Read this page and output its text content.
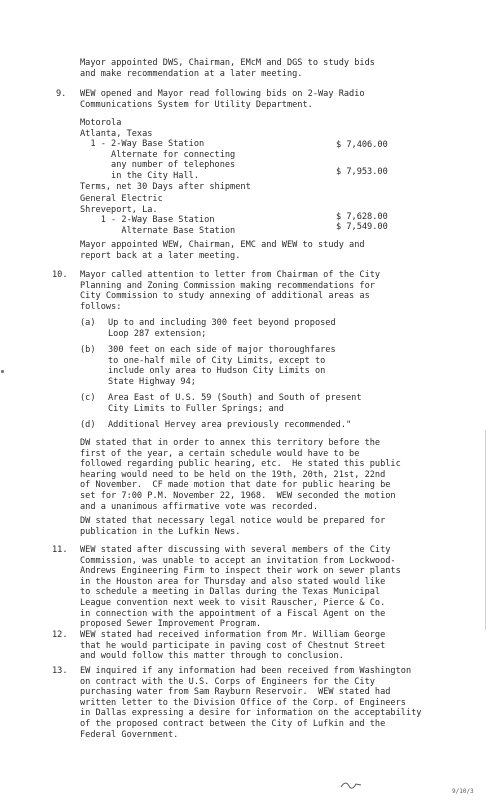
Mayor appointed DWS, Chairman, EMcM and DGS to study bids
and make recommendation at a later meeting.
9. WEW opened and Mayor read following bids on 2-Way Radio
Communications System for Utility Department.
Motorola
Atlanta, Texas
1 - 2-Way Base Station
Alternate for connecting
any number of telephones
in the City Hall.
Terms, net 30 Days after shipment
$ 7,406.00
$ 7,953.00
General Electric
Shreveport, La.
1 - 2-Way Base Station
Alternate Base Station
$ 7,628.00
$ 7,549.00
Mayor appointed WEW, Chairman, EMC and WEW to study and
report back at a later meeting.
10. Mayor called attention to letter from Chairman of the City
Planning and Zoning Commission making recommendations for
City Commission to study annexing of additional areas as
follows:
(a) Up to and including 300 feet beyond proposed
Loop 287 extension;
(b) 300 feet on each side of major thoroughfares
to one-half mile of City Limits, except to
include only area to Hudson City Limits on
State Highway 94;
(c) Area East of U.S. 59 (South) and South of present
City Limits to Fuller Springs; and
(d) Additional Hervey area previously recommended."
DW stated that in order to annex this territory before the
first of the year, a certain schedule would have to be
followed regarding public hearing, etc.  He stated this public
hearing would need to be held on the 19th, 20th, 21st, 22nd
of November.  CF made motion that date for public hearing be
set for 7:00 P.M. November 22, 1968.  WEW seconded the motion
and a unanimous affirmative vote was recorded.
DW stated that necessary legal notice would be prepared for
publication in the Lufkin News.
11. WEW stated after discussing with several members of the City
Commission, was unable to accept an invitation from Lockwood-
Andrews Engineering Firm to inspect their work on sewer plants
in the Houston area for Thursday and also stated would like
to schedule a meeting in Dallas during the Texas Municipal
League convention next week to visit Rauscher, Pierce & Co.
in connection with the appointment of a Fiscal Agent on the
proposed Sewer Improvement Program.
12. WEW stated had received information from Mr. William George
that he would participate in paving cost of Chestnut Street
and would follow this matter through to conclusion.
13. EW inquired if any information had been received from Washington
on contract with the U.S. Corps of Engineers for the City
purchasing water from Sam Rayburn Reservoir.  WEW stated had
written letter to the Division Office of the Corp. of Engineers
in Dallas expressing a desire for information on the acceptability
of the proposed contract between the City of Lufkin and the
Federal Government.
9/10/3
